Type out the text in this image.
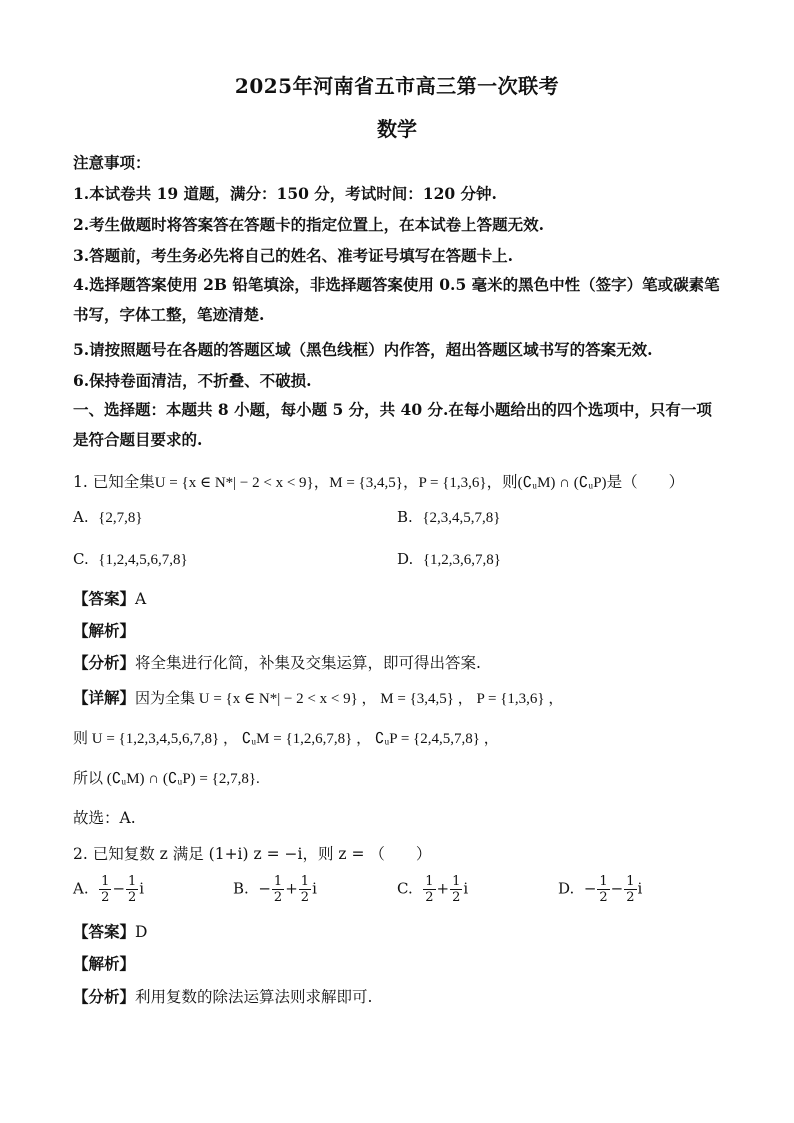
2025年河南省五市高三第一次联考
数学
注意事项：
1.本试卷共 19 道题，满分：150 分，考试时间：120 分钟.
2.考生做题时将答案答在答题卡的指定位置上，在本试卷上答题无效.
3.答题前，考生务必先将自己的姓名、准考证号填写在答题卡上.
4.选择题答案使用 2B 铅笔填涂，非选择题答案使用 0.5 毫米的黑色中性（签字）笔或碳素笔书写，字体工整，笔迹清楚.
5.请按照题号在各题的答题区域（黑色线框）内作答，超出答题区域书写的答案无效.
6.保持卷面清洁，不折叠、不破损.
一、选择题：本题共 8 小题，每小题 5 分，共 40 分.在每小题给出的四个选项中，只有一项是符合题目要求的.
1. 已知全集U = {x ∈ N*| − 2 < x < 9}，M = {3,4,5}，P = {1,3,6}，则(∁ᵤM) ∩ (∁ᵤP)是（　　）
A. {2,7,8}	B. {2,3,4,5,7,8}
C. {1,2,4,5,6,7,8}	D. {1,2,3,6,7,8}
【答案】A
【解析】
【分析】将全集进行化简，补集及交集运算，即可得出答案.
【详解】因为全集 U = {x ∈ N*| − 2 < x < 9} ， M = {3,4,5} ， P = {1,3,6} ，
则 U = {1,2,3,4,5,6,7,8} ， ∁ᵤM = {1,2,6,7,8} ， ∁ᵤP = {2,4,5,7,8} ，
所以 (∁ᵤM) ∩ (∁ᵤP) = {2,7,8}.
故选：A.
2. 已知复数 z 满足 (1+i) z = −i，则 z = （　　）
A. $\frac{1}{2} - \frac{1}{2}$ i	B. − $\frac{1}{2} + \frac{1}{2}$ i	C. $\frac{1}{2} + \frac{1}{2}$ i	D. − $\frac{1}{2} - \frac{1}{2}$ i
【答案】D
【解析】
【分析】利用复数的除法运算法则求解即可.
